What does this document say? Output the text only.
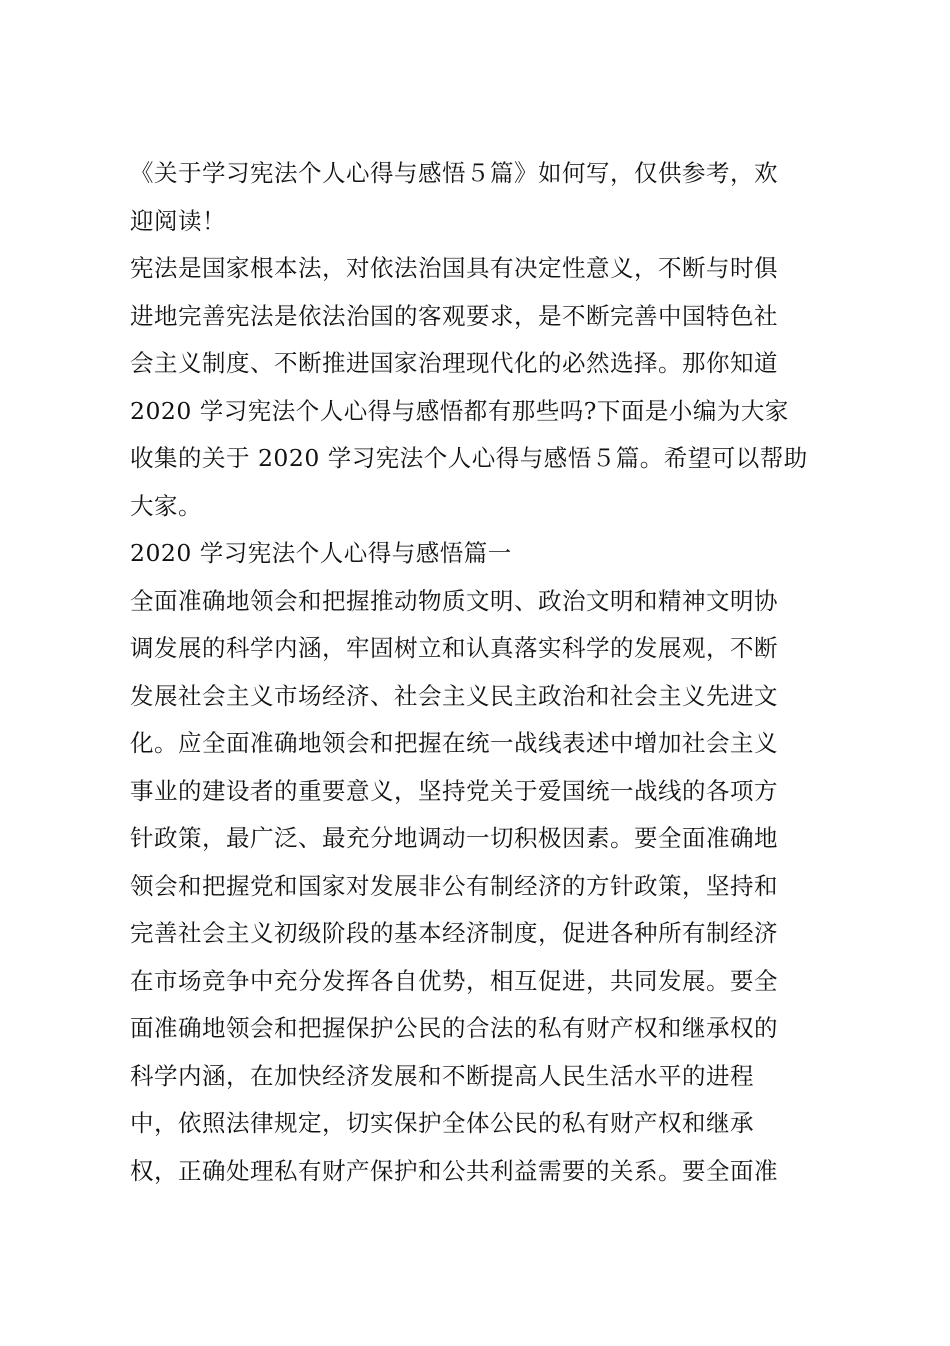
《关于学习宪法个人心得与感悟５篇》如何写，仅供参考，欢
迎阅读！
宪法是国家根本法，对依法治国具有决定性意义，不断与时俱
进地完善宪法是依法治国的客观要求，是不断完善中国特色社
会主义制度、不断推进国家治理现代化的必然选择。那你知道
2020 学习宪法个人心得与感悟都有那些吗?下面是小编为大家
收集的关于 2020 学习宪法个人心得与感悟５篇。希望可以帮助
大家。
2020 学习宪法个人心得与感悟篇一
全面准确地领会和把握推动物质文明、政治文明和精神文明协
调发展的科学内涵，牢固树立和认真落实科学的发展观，不断
发展社会主义市场经济、社会主义民主政治和社会主义先进文
化。应全面准确地领会和把握在统一战线表述中增加社会主义
事业的建设者的重要意义，坚持党关于爱国统一战线的各项方
针政策，最广泛、最充分地调动一切积极因素。要全面准确地
领会和把握党和国家对发展非公有制经济的方针政策，坚持和
完善社会主义初级阶段的基本经济制度，促进各种所有制经济
在市场竞争中充分发挥各自优势，相互促进，共同发展。要全
面准确地领会和把握保护公民的合法的私有财产权和继承权的
科学内涵，在加快经济发展和不断提高人民生活水平的进程
中，依照法律规定，切实保护全体公民的私有财产权和继承
权，正确处理私有财产保护和公共利益需要的关系。要全面准
